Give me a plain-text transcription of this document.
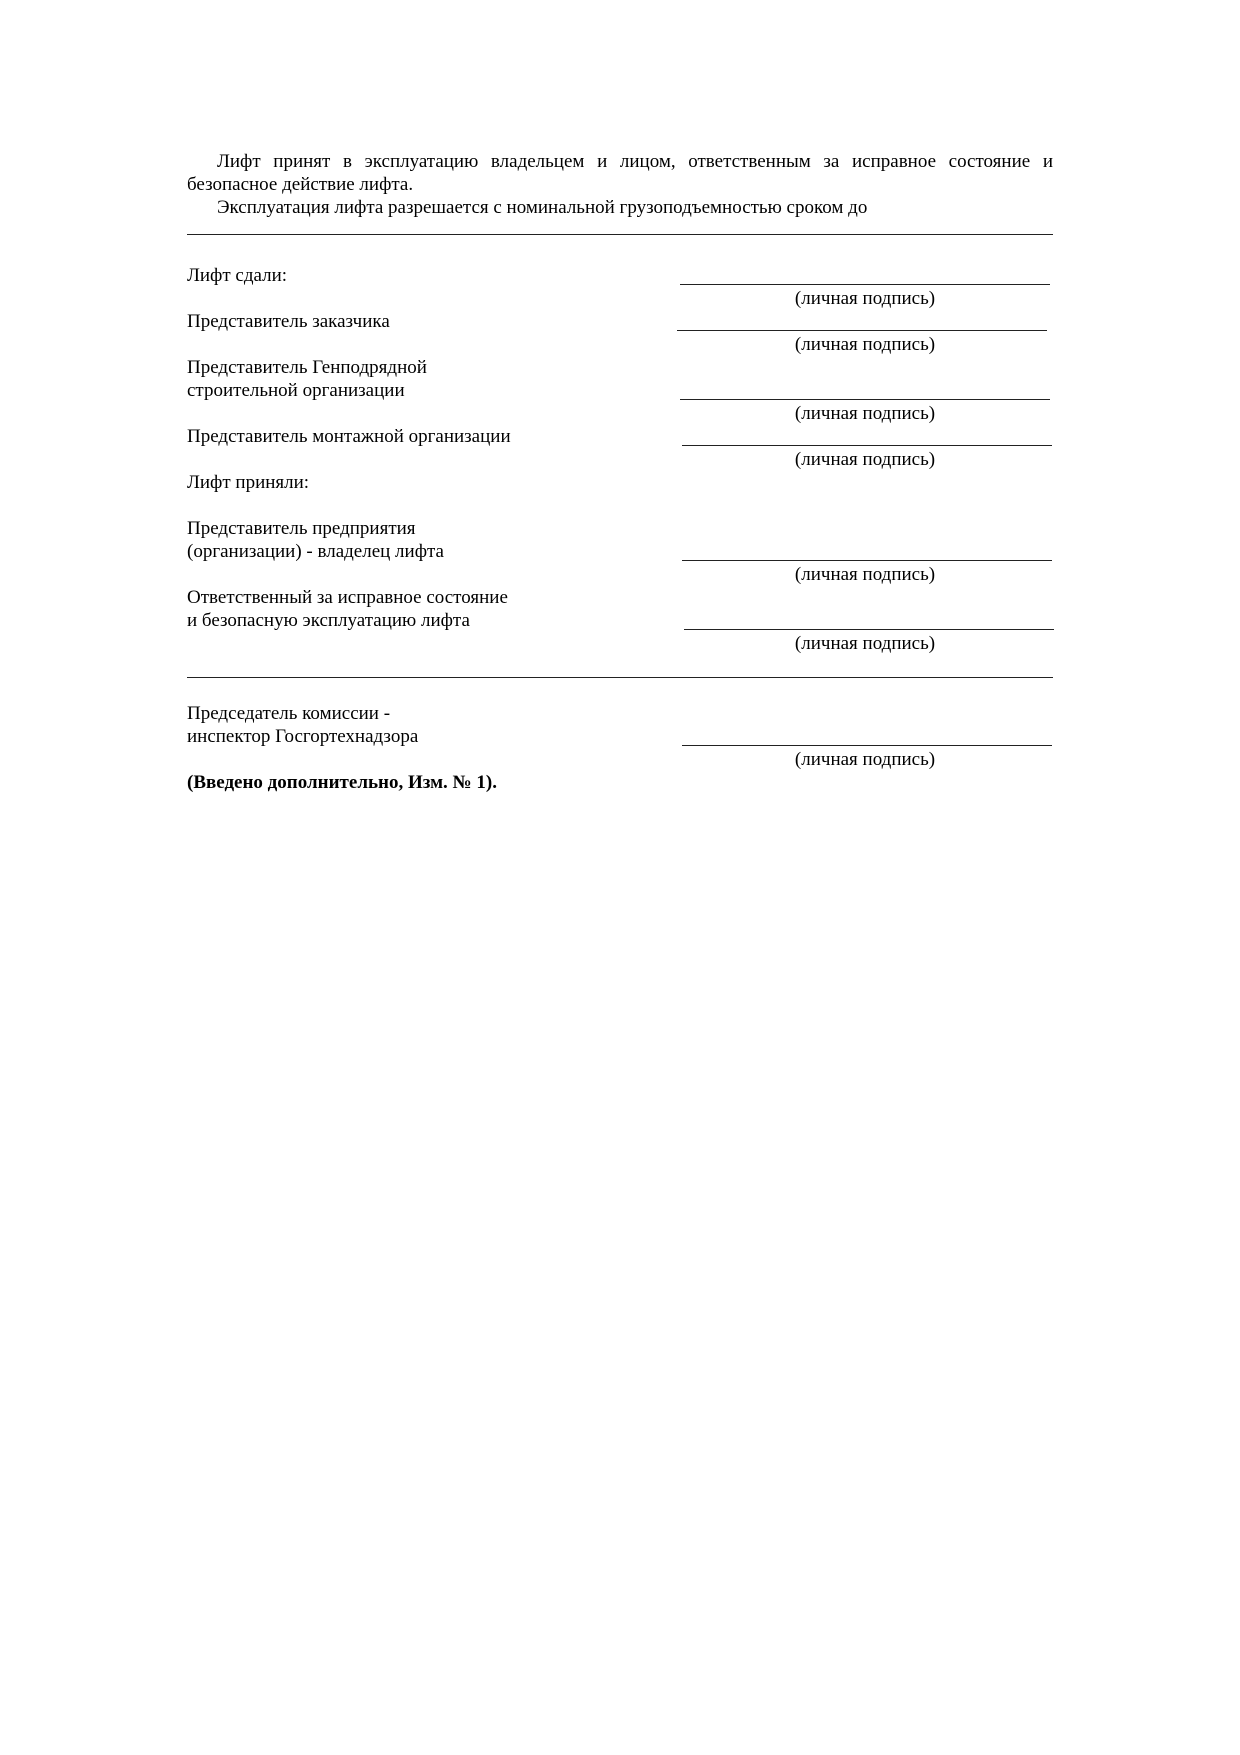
Лифт принят в эксплуатацию владельцем и лицом, ответственным за исправное состояние и безопасное действие лифта.

Эксплуатация лифта разрешается с номинальной грузоподъемностью сроком до

Лифт сдали:
(личная подпись)
Представитель заказчика
(личная подпись)
Представитель Генподрядной
строительной организации
(личная подпись)
Представитель монтажной организации
(личная подпись)
Лифт приняли:
Представитель предприятия
(организации) - владелец лифта
(личная подпись)
Ответственный за исправное состояние
и безопасную эксплуатацию лифта
(личная подпись)
Председатель комиссии -
инспектор Госгортехнадзора
(личная подпись)
(Введено дополнительно, Изм. № 1).
